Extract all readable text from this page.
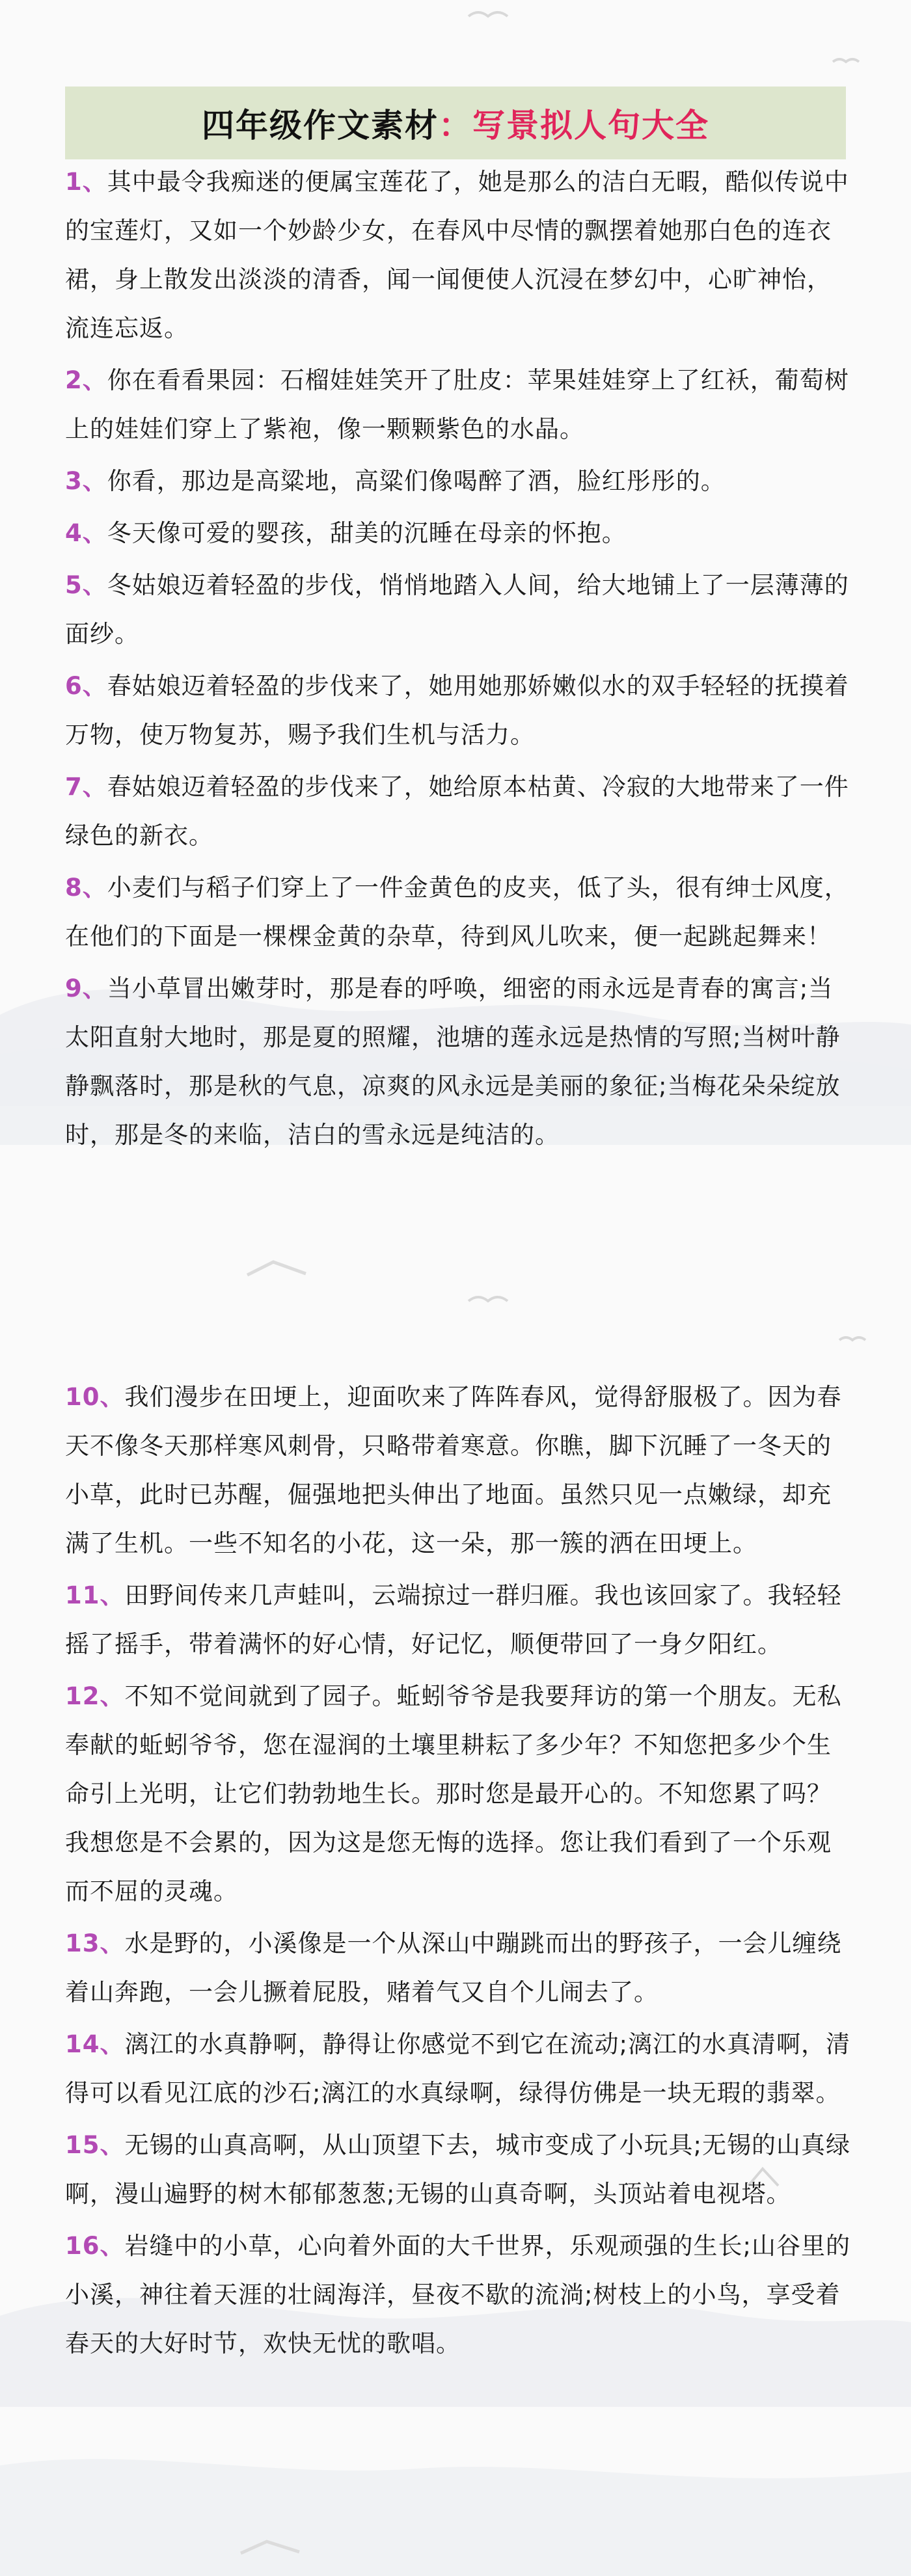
四年级作文素材 ： 写景拟人句大全
1、其中最令我痴迷的便属宝莲花了，她是那么的洁白无暇，酷似传说中的宝莲灯，又如一个妙龄少女，在春风中尽情的飘摆着她那白色的连衣裙，身上散发出淡淡的清香，闻一闻便使人沉浸在梦幻中，心旷神怡，流连忘返。
2、你在看看果园：石榴娃娃笑开了肚皮：苹果娃娃穿上了红袄，葡萄树上的娃娃们穿上了紫袍，像一颗颗紫色的水晶。
3、你看，那边是高粱地，高粱们像喝醉了酒，脸红彤彤的。
4、冬天像可爱的婴孩，甜美的沉睡在母亲的怀抱。
5、冬姑娘迈着轻盈的步伐，悄悄地踏入人间，给大地铺上了一层薄薄的面纱。
6、春姑娘迈着轻盈的步伐来了，她用她那娇嫩似水的双手轻轻的抚摸着万物，使万物复苏，赐予我们生机与活力。
7、春姑娘迈着轻盈的步伐来了，她给原本枯黄、冷寂的大地带来了一件绿色的新衣。
8、小麦们与稻子们穿上了一件金黄色的皮夹，低了头，很有绅士风度，在他们的下面是一棵棵金黄的杂草，待到风儿吹来，便一起跳起舞来！
9、当小草冒出嫩芽时，那是春的呼唤，细密的雨永远是青春的寓言;当太阳直射大地时，那是夏的照耀，池塘的莲永远是热情的写照;当树叶静静飘落时，那是秋的气息，凉爽的风永远是美丽的象征;当梅花朵朵绽放时，那是冬的来临，洁白的雪永远是纯洁的。
10、我们漫步在田埂上，迎面吹来了阵阵春风，觉得舒服极了。因为春天不像冬天那样寒风刺骨，只略带着寒意。你瞧，脚下沉睡了一冬天的小草，此时已苏醒，倔强地把头伸出了地面。虽然只见一点嫩绿，却充满了生机。一些不知名的小花，这一朵，那一簇的洒在田埂上。
11、田野间传来几声蛙叫，云端掠过一群归雁。我也该回家了。我轻轻摇了摇手，带着满怀的好心情，好记忆，顺便带回了一身夕阳红。
12、不知不觉间就到了园子。蚯蚓爷爷是我要拜访的第一个朋友。无私奉献的蚯蚓爷爷，您在湿润的土壤里耕耘了多少年？不知您把多少个生命引上光明，让它们勃勃地生长。那时您是最开心的。不知您累了吗？我想您是不会累的，因为这是您无悔的选择。您让我们看到了一个乐观而不屈的灵魂。
13、水是野的，小溪像是一个从深山中蹦跳而出的野孩子，一会儿缠绕着山奔跑，一会儿撅着屁股，赌着气又自个儿闹去了。
14、漓江的水真静啊，静得让你感觉不到它在流动;漓江的水真清啊，清得可以看见江底的沙石;漓江的水真绿啊，绿得仿佛是一块无瑕的翡翠。
15、无锡的山真高啊，从山顶望下去，城市变成了小玩具;无锡的山真绿啊，漫山遍野的树木郁郁葱葱;无锡的山真奇啊，头顶站着电视塔。
16、岩缝中的小草，心向着外面的大千世界，乐观顽强的生长;山谷里的小溪，神往着天涯的壮阔海洋，昼夜不歇的流淌;树枝上的小鸟，享受着春天的大好时节，欢快无忧的歌唱。
